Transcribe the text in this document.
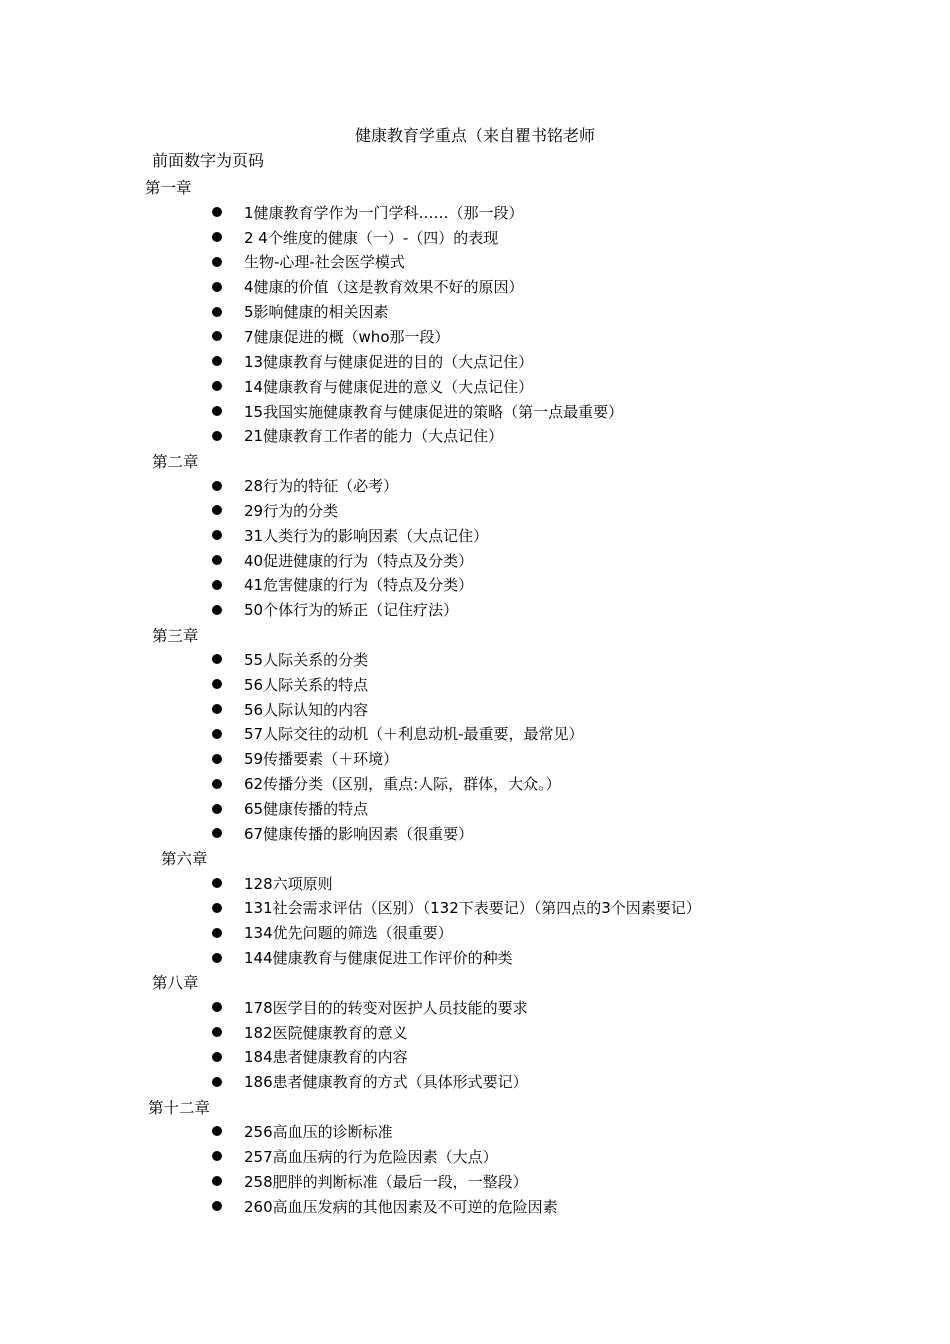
健康教育学重点（来自瞿书铭老师
前面数字为页码
第一章
1健康教育学作为一门学科……（那一段）
2 4个维度的健康（一）-（四）的表现
生物-心理-社会医学模式
4健康的价值（这是教育效果不好的原因）
5影响健康的相关因素
7健康促进的概（who那一段）
13健康教育与健康促进的目的（大点记住）
14健康教育与健康促进的意义（大点记住）
15我国实施健康教育与健康促进的策略（第一点最重要）
21健康教育工作者的能力（大点记住）
第二章
28行为的特征（必考）
29行为的分类
31人类行为的影响因素（大点记住）
40促进健康的行为（特点及分类）
41危害健康的行为（特点及分类）
50个体行为的矫正（记住疗法）
第三章
55人际关系的分类
56人际关系的特点
56人际认知的内容
57人际交往的动机（＋利息动机-最重要，最常见）
59传播要素（＋环境）
62传播分类（区别，重点:人际，群体，大众。）
65健康传播的特点
67健康传播的影响因素（很重要）
第六章
128六项原则
131社会需求评估（区别）（132下表要记）（第四点的3个因素要记）
134优先问题的筛选（很重要）
144健康教育与健康促进工作评价的种类
第八章
178医学目的的转变对医护人员技能的要求
182医院健康教育的意义
184患者健康教育的内容
186患者健康教育的方式（具体形式要记）
第十二章
256高血压的诊断标准
257高血压病的行为危险因素（大点）
258肥胖的判断标准（最后一段，一整段）
260高血压发病的其他因素及不可逆的危险因素
